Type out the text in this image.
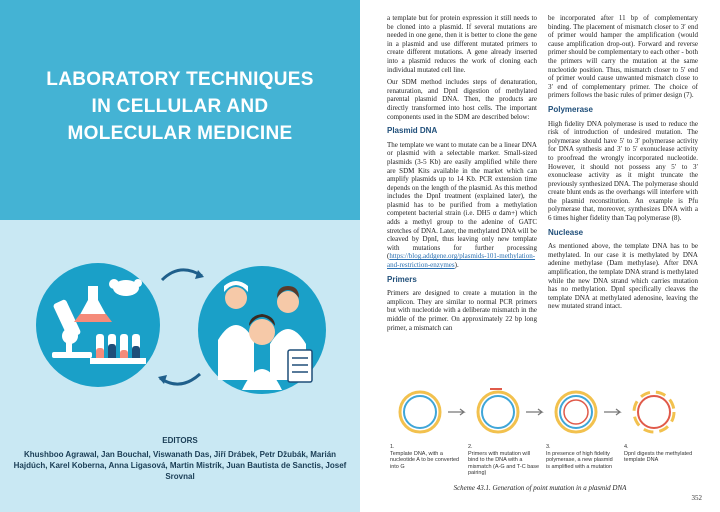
LABORATORY TECHNIQUES
IN CELLULAR AND
MOLECULAR MEDICINE
EDITORS
Khushboo Agrawal, Jan Bouchal, Viswanath Das, Jiří Drábek, Petr Džubák, Marián Hajdúch, Karel Koberna, Anna Ligasová, Martin Mistrík, Juan Bautista de Sanctis, Josef Srovnal

a template but for protein expression it still needs to be cloned into a plasmid. If several mutations are needed in one gene, then it is better to clone the gene in a plasmid and use different mutated primers to create different mutations. A gene already inserted into a plasmid reduces the work of cloning each individual mutated cell line.

Our SDM method includes steps of denaturation, renaturation, and DpnI digestion of methylated parental plasmid DNA. Then, the products are directly transformed into host cells. The important components used in the SDM are described below:

Plasmid DNA

The template we want to mutate can be a linear DNA or plasmid with a selectable marker. Small-sized plasmids (3-5 Kb) are easily amplified while there are SDM Kits available in the market which can amplify plasmids up to 14 Kb. PCR extension time depends on the length of the plasmid. As this method includes the DpnI treatment (explained later), the plasmid has to be purified from a methylation competent bacterial strain (i.e. DH5 α dam+) which adds a methyl group to the adenine of GATC stretches of DNA. Later, the methylated DNA will be cleaved by DpnI, thus leaving only new template with mutations for further processing (https://blog.addgene.org/plasmids-101-methylation-and-restriction-enzymes).

Primers

Primers are designed to create a mutation in the amplicon. They are similar to normal PCR primers but with nucleotide with a deliberate mismatch in the middle of the primer. On approximately 22 bp long primer, a mismatch can

be incorporated after 11 bp of complementary binding. The placement of mismatch closer to 3′ end of primer would hamper the amplification (would cause amplification drop-out). Forward and reverse primer should be complementary to each other - both the primers will carry the mutation at the same nucleotide position. Thus, mismatch closer to 5′ end of primer would cause unwanted mismatch close to 3′ end of complementary primer. The choice of primers follows the basic rules of primer design (7).

Polymerase

High fidelity DNA polymerase is used to reduce the risk of introduction of undesired mutation. The polymerase should have 5′ to 3′ polymerase activity for DNA synthesis and 3′ to 5′ exonuclease activity to proofread the wrongly incorporated nucleotide. However, it should not possess any 5′ to 3′ exonuclease activity as it might truncate the previously synthesized DNA. The polymerase should create blunt ends as the overhangs will interfere with the plasmid reconstitution. An example is Pfu polymerase that, moreover, synthesizes DNA with a 6 times higher fidelity than Taq polymerase (8).

Nuclease

As mentioned above, the template DNA has to be methylated. In our case it is methylated by DNA adenine methylase (Dam methylase). After DNA amplification, the template DNA strand is methylated while the new DNA strand which carries mutation has no methylation. DpnI specifically cleaves the template DNA at methylated adenosine, leaving the new mutated strand intact.

1.
Template DNA, with a nucleotide A to be converted into G
2.
Primers with mutation will bind to the DNA with a mismatch (A-G and T-C base pairing)
3.
In presence of high fidelity polymerase, a new plasmid is amplified with a mutation
4.
DpnI digests the methylated template DNA
Scheme 43.1. Generation of point mutation in a plasmid DNA
352
